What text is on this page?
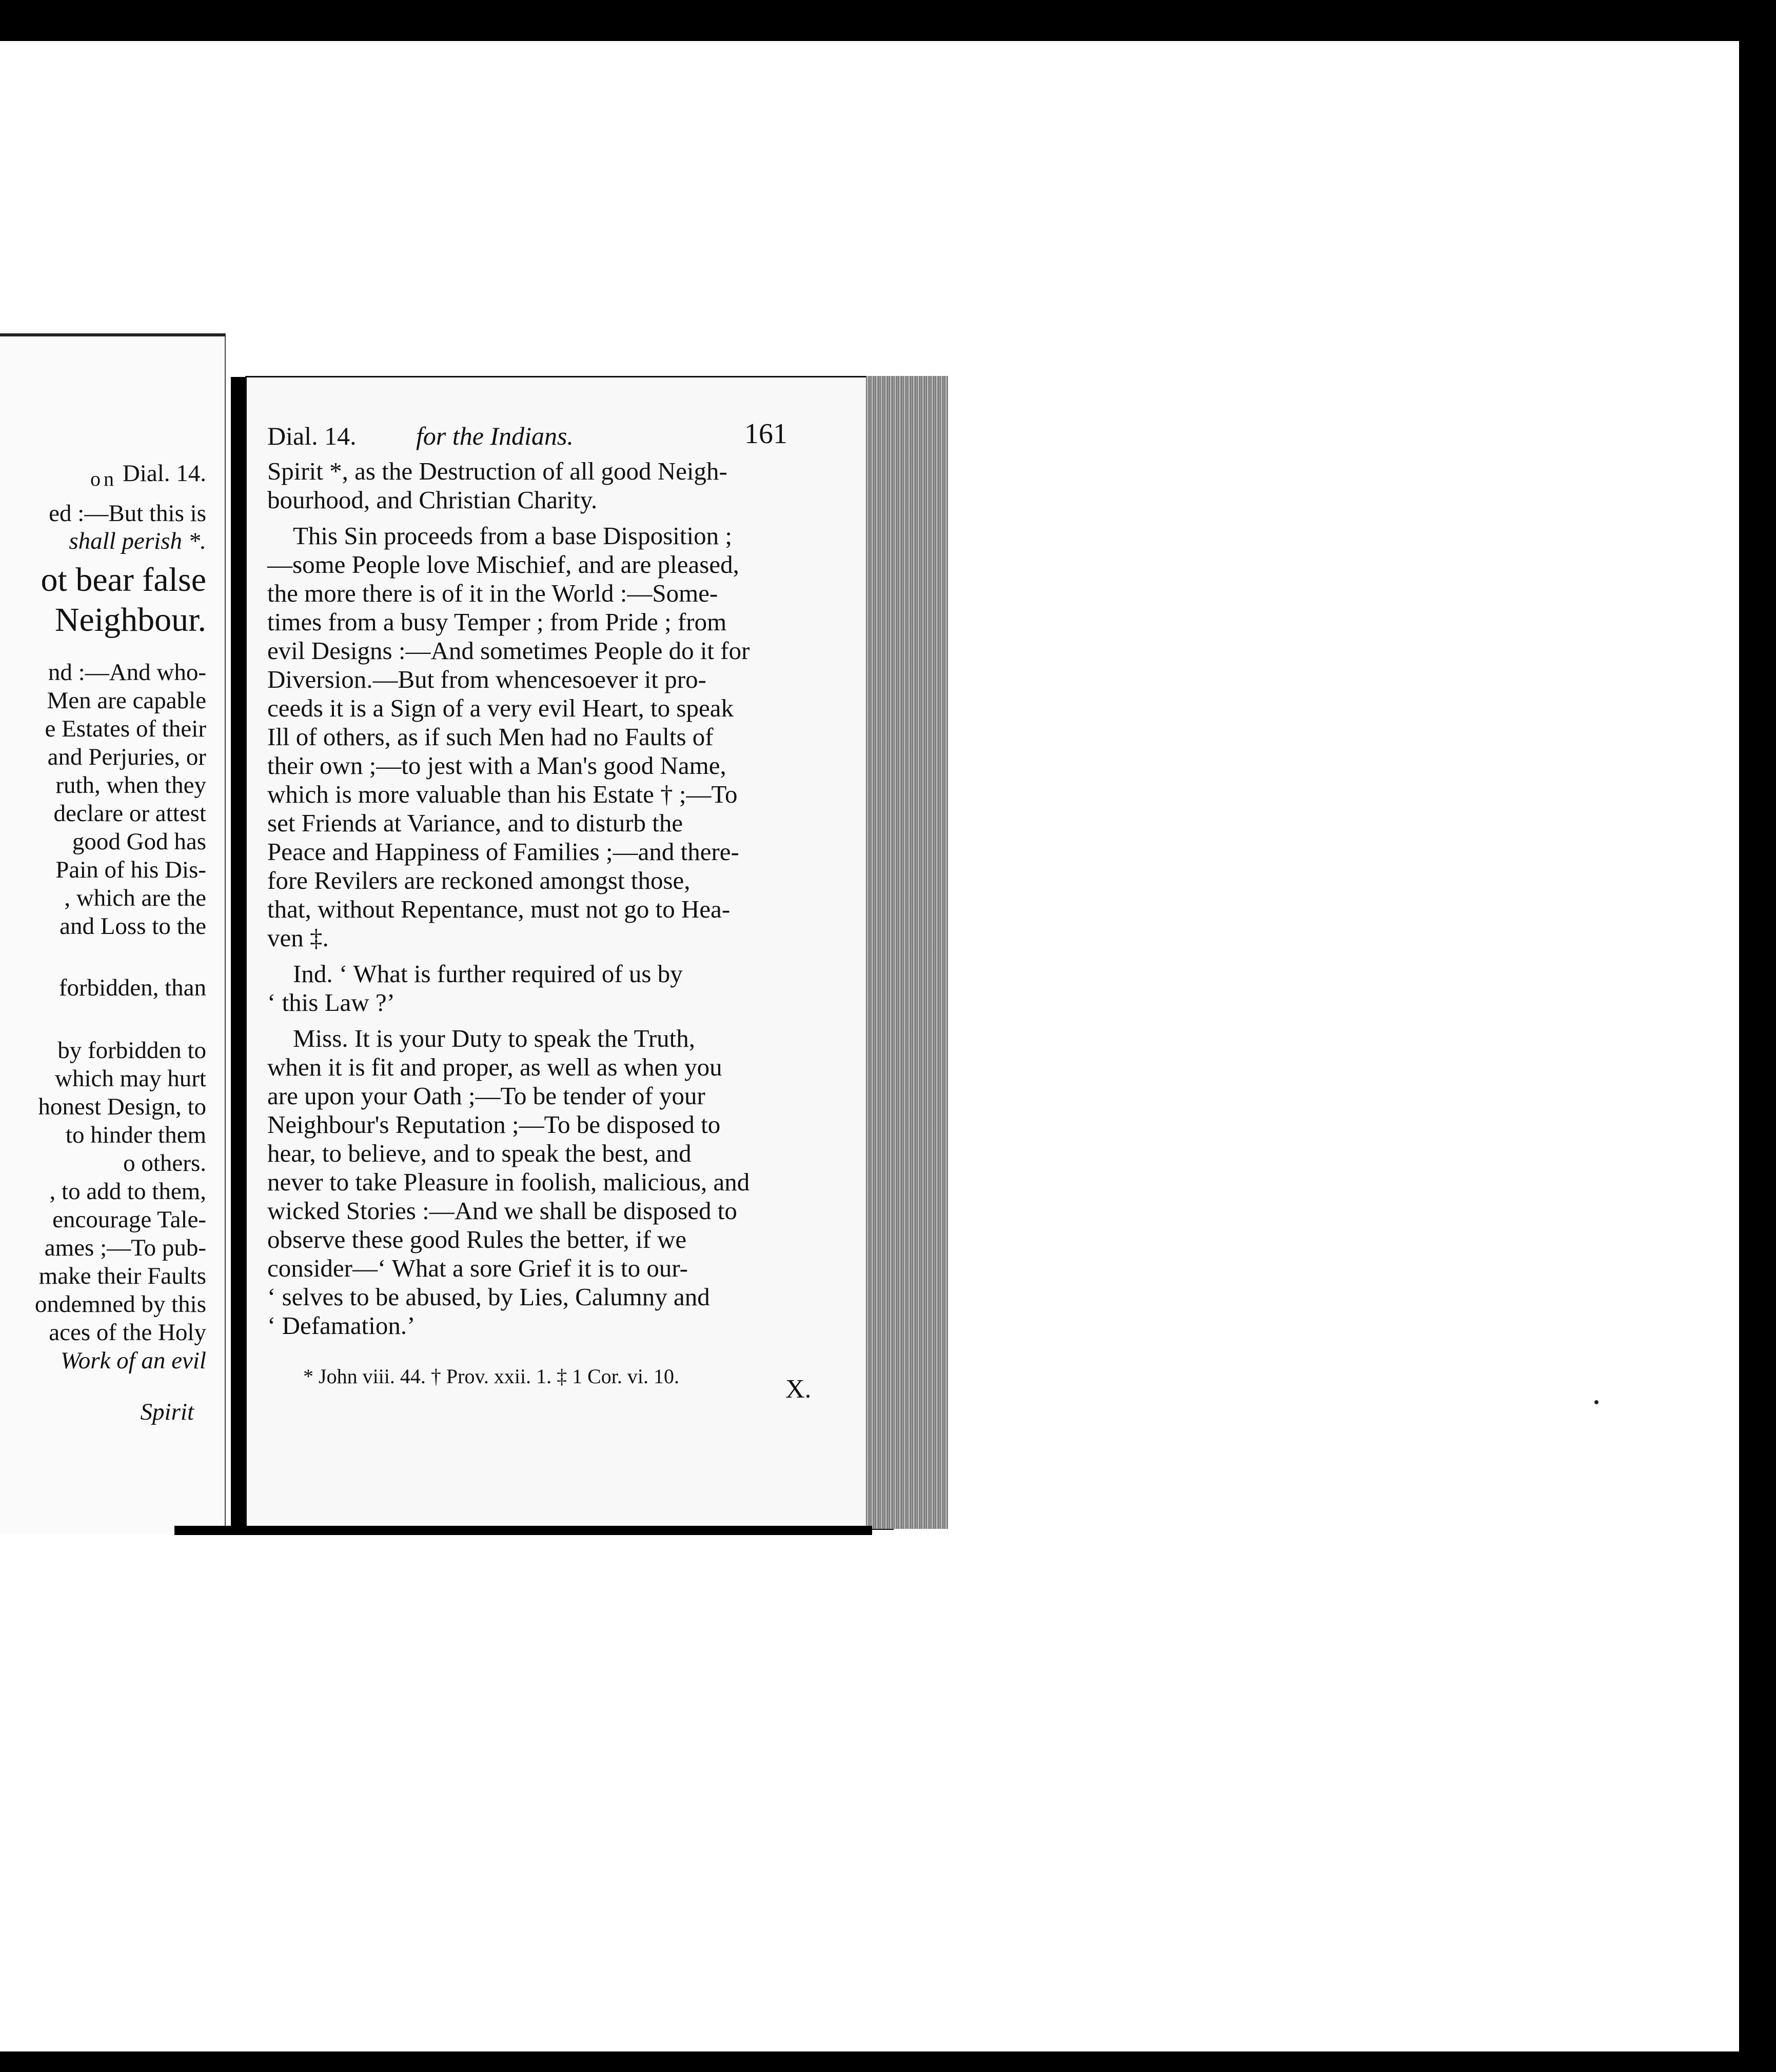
on Dial. 14.
ed :—But this is
shall perish *.
ot bear false
Neighbour.
nd :—And who-
Men are capable
e Estates of their
and Perjuries, or
ruth, when they
declare or attest
good God has
Pain of his Dis-
, which are the
and Loss to the
forbidden, than
by forbidden to
which may hurt
honest Design, to
to hinder them
o others.
, to add to them,
encourage Tale-
ames ;—To pub-
make their Faults
ondemned by this
aces of the Holy
Work of an evil
Spirit
Dial. 14. for the Indians.	161
Spirit *, as the Destruction of all good Neigh-
bourhood, and Christian Charity.
This Sin proceeds from a base Disposition ;
—some People love Mischief, and are pleased,
the more there is of it in the World :—Some-
times from a busy Temper ; from Pride ; from
evil Designs :—And sometimes People do it for
Diversion.—But from whencesoever it pro-
ceeds it is a Sign of a very evil Heart, to speak
Ill of others, as if such Men had no Faults of
their own ;—to jest with a Man's good Name,
which is more valuable than his Estate † ;—To
set Friends at Variance, and to disturb the
Peace and Happiness of Families ;—and there-
fore Revilers are reckoned amongst those,
that, without Repentance, must not go to Hea-
ven ‡.
Ind. ‘ What is further required of us by
‘ this Law ?’
Miss. It is your Duty to speak the Truth,
when it is fit and proper, as well as when you
are upon your Oath ;—To be tender of your
Neighbour's Reputation ;—To be disposed to
hear, to believe, and to speak the best, and
never to take Pleasure in foolish, malicious, and
wicked Stories :—And we shall be disposed to
observe these good Rules the better, if we
consider—‘ What a sore Grief it is to our-
‘ selves to be abused, by Lies, Calumny and
‘ Defamation.’
* John viii. 44. † Prov. xxii. 1. ‡ 1 Cor. vi. 10.	X.
